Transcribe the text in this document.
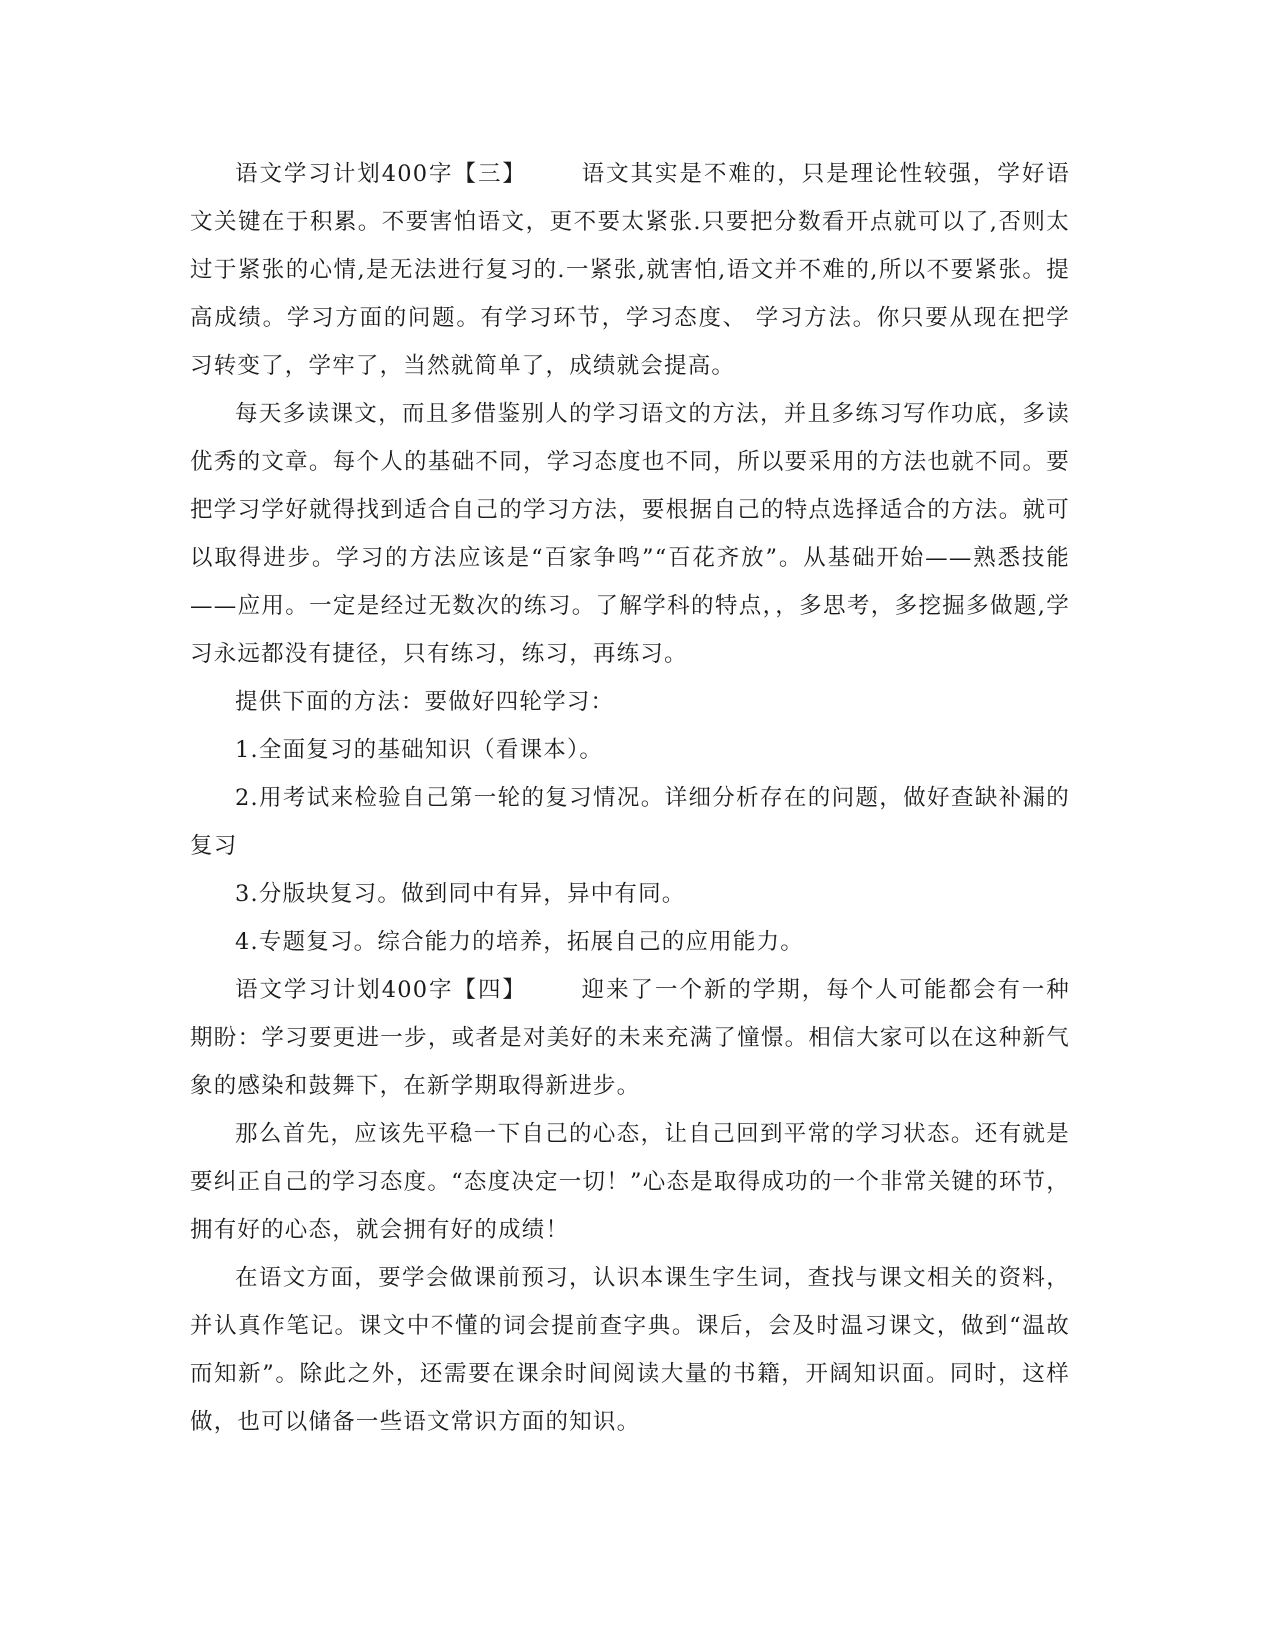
语文学习计划400字【三】 语文其实是不难的，只是理论性较强，学好语文关键在于积累。不要害怕语文，更不要太紧张.只要把分数看开点就可以了,否则太过于紧张的心情,是无法进行复习的.一紧张,就害怕,语文并不难的,所以不要紧张。提高成绩。学习方面的问题。有学习环节，学习态度、 学习方法。你只要从现在把学习转变了，学牢了，当然就简单了，成绩就会提高。

每天多读课文，而且多借鉴别人的学习语文的方法，并且多练习写作功底，多读优秀的文章。每个人的基础不同，学习态度也不同，所以要采用的方法也就不同。要把学习学好就得找到适合自己的学习方法，要根据自己的特点选择适合的方法。就可以取得进步。学习的方法应该是“百家争鸣”“百花齐放”。从基础开始——熟悉技能——应用。一定是经过无数次的练习。了解学科的特点，，多思考，多挖掘多做题,学习永远都没有捷径，只有练习，练习，再练习。

提供下面的方法：要做好四轮学习：

1.全面复习的基础知识（看课本）。

2.用考试来检验自己第一轮的复习情况。详细分析存在的问题，做好查缺补漏的复习

3.分版块复习。做到同中有异，异中有同。

4.专题复习。综合能力的培养，拓展自己的应用能力。

语文学习计划400字【四】 迎来了一个新的学期，每个人可能都会有一种期盼：学习要更进一步，或者是对美好的未来充满了憧憬。相信大家可以在这种新气象的感染和鼓舞下，在新学期取得新进步。

那么首先，应该先平稳一下自己的心态，让自己回到平常的学习状态。还有就是要纠正自己的学习态度。“态度决定一切！”心态是取得成功的一个非常关键的环节，拥有好的心态，就会拥有好的成绩！

在语文方面，要学会做课前预习，认识本课生字生词，查找与课文相关的资料，并认真作笔记。课文中不懂的词会提前查字典。课后，会及时温习课文，做到“温故而知新”。除此之外，还需要在课余时间阅读大量的书籍，开阔知识面。同时，这样做，也可以储备一些语文常识方面的知识。
